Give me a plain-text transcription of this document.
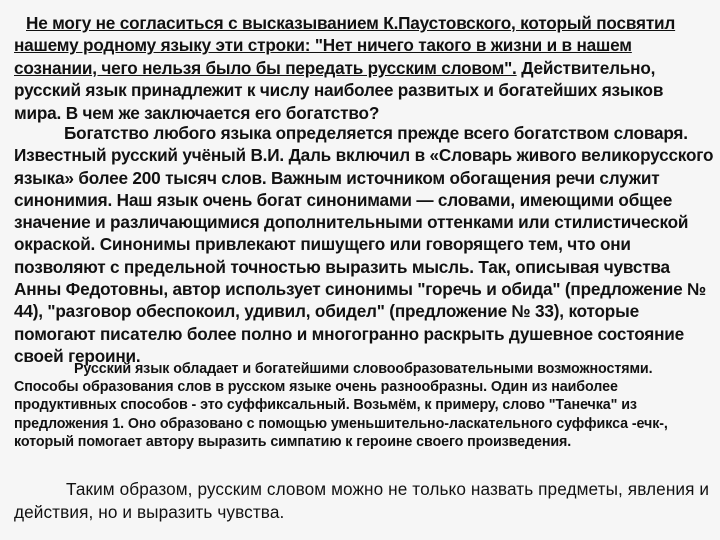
Не могу не согласиться с высказыванием К.Паустовского, который посвятил нашему родному языку эти строки: "Нет ничего такого в жизни и в нашем сознании, чего нельзя было бы передать русским словом". Действительно, русский язык принадлежит к числу наиболее развитых и богатейших языков мира. В чем же заключается его богатство?
Богатство любого языка определяется прежде всего богатством словаря. Известный русский учёный В.И. Даль включил в «Словарь живого великорусского языка» более 200 тысяч слов. Важным источником обогащения речи служит синонимия. Наш язык очень богат синонимами — словами, имеющими общее значение и различающимися дополнительными оттенками или стилистической окраской. Синонимы привлекают пишущего или говорящего тем, что они позволяют с предельной точностью выразить мысль. Так, описывая чувства Анны Федотовны, автор использует синонимы "горечь и обида" (предложение № 44), "разговор обеспокоил, удивил, обидел" (предложение № 33), которые помогают писателю более полно и многогранно раскрыть душевное состояние своей героини.
Русский язык обладает и богатейшими словообразовательными возможностями. Способы образования слов в русском языке очень разнообразны. Один из наиболее продуктивных способов - это суффиксальный. Возьмём, к примеру, слово "Танечка" из предложения 1. Оно образовано с помощью уменьшительно-ласкательного суффикса -ечк-, который помогает автору выразить симпатию к героине своего произведения.
Таким образом, русским словом можно не только назвать предметы, явления и действия, но и выразить чувства.
